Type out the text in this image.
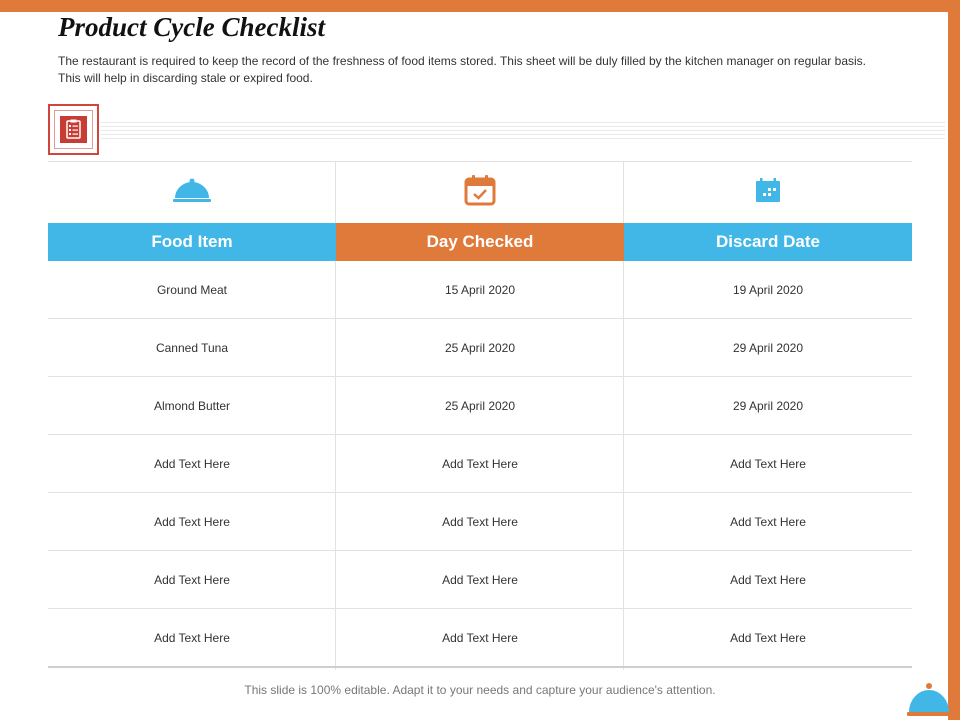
Product Cycle Checklist

The restaurant is required to keep the record of the freshness of food items stored. This sheet will be duly filled by the kitchen manager on regular basis. This will help in discarding stale or expired food.

Food Item	Day Checked	Discard Date
Ground Meat	15 April 2020	19 April 2020
Canned Tuna	25 April 2020	29 April 2020
Almond Butter	25 April 2020	29 April 2020
Add Text Here	Add Text Here	Add Text Here
Add Text Here	Add Text Here	Add Text Here
Add Text Here	Add Text Here	Add Text Here
Add Text Here	Add Text Here	Add Text Here
This slide is 100% editable. Adapt it to your needs and capture your audience's attention.
